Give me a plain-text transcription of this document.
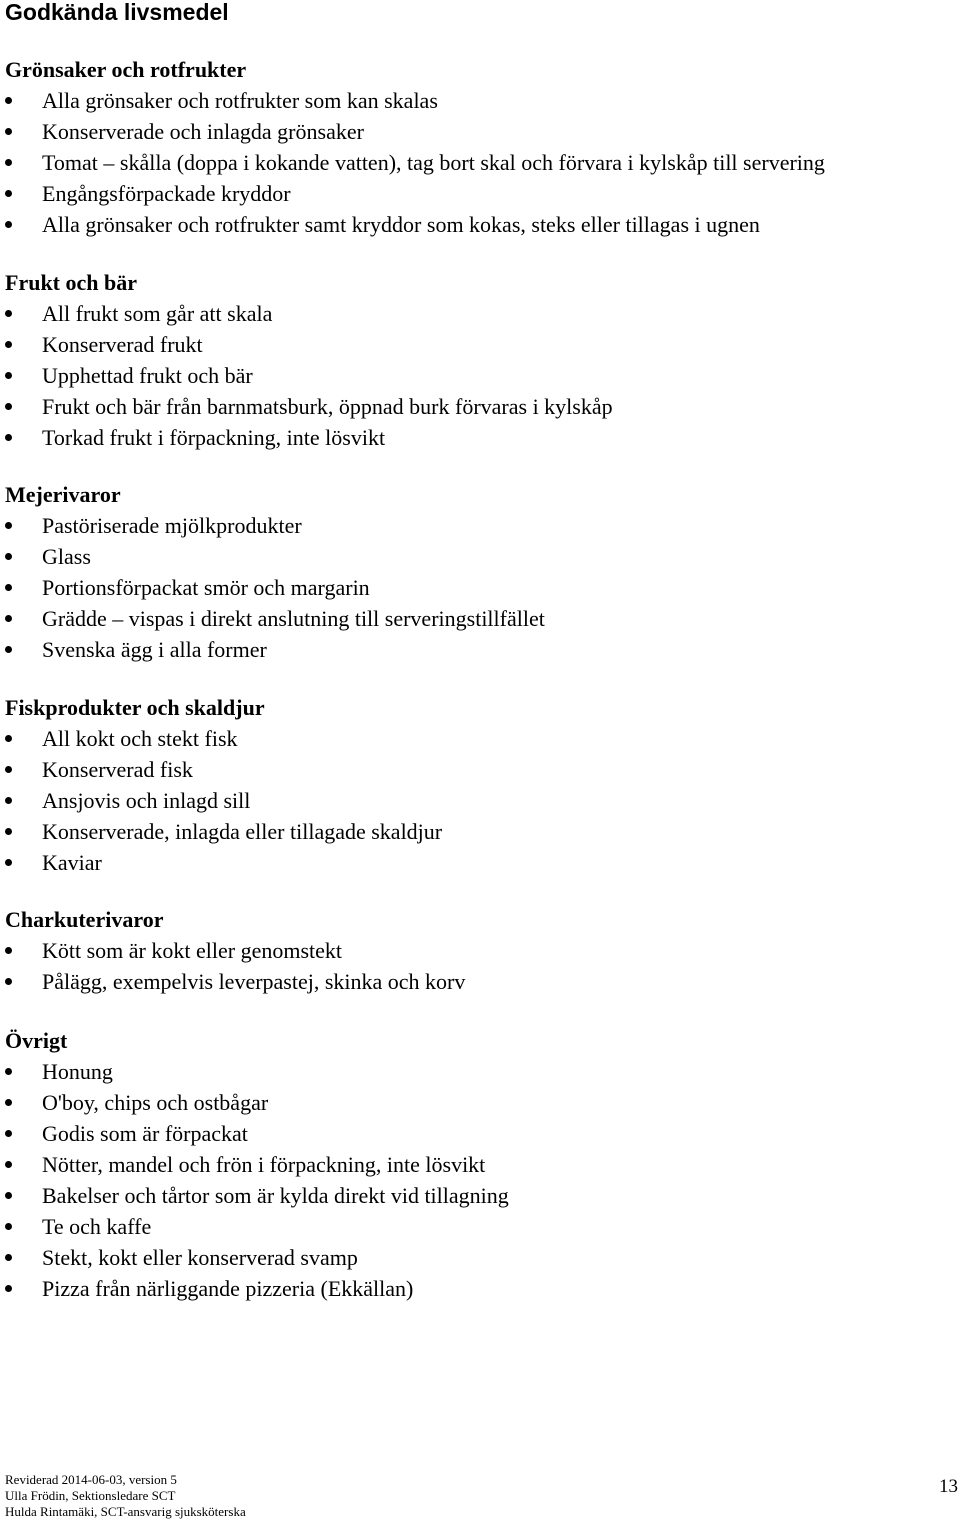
Godkända livsmedel
Grönsaker och rotfrukter
Alla grönsaker och rotfrukter som kan skalas
Konserverade och inlagda grönsaker
Tomat – skålla (doppa i kokande vatten), tag bort skal och förvara i kylskåp till servering
Engångsförpackade kryddor
Alla grönsaker och rotfrukter samt kryddor som kokas, steks eller tillagas i ugnen
Frukt och bär
All frukt som går att skala
Konserverad frukt
Upphettad frukt och bär
Frukt och bär från barnmatsburk, öppnad burk förvaras i kylskåp
Torkad frukt i förpackning, inte lösvikt
Mejerivaror
Pastöriserade mjölkprodukter
Glass
Portionsförpackat smör och margarin
Grädde – vispas i direkt anslutning till serveringstillfället
Svenska ägg i alla former
Fiskprodukter och skaldjur
All kokt och stekt fisk
Konserverad fisk
Ansjovis och inlagd sill
Konserverade, inlagda eller tillagade skaldjur
Kaviar
Charkuterivaror
Kött som är kokt eller genomstekt
Pålägg, exempelvis leverpastej, skinka och korv
Övrigt
Honung
O'boy, chips och ostbågar
Godis som är förpackat
Nötter, mandel och frön i förpackning, inte lösvikt
Bakelser och tårtor som är kylda direkt vid tillagning
Te och kaffe
Stekt, kokt eller konserverad svamp
Pizza från närliggande pizzeria (Ekkällan)
Reviderad 2014-06-03, version 5
Ulla Frödin, Sektionsledare SCT
Hulda Rintamäki, SCT-ansvarig sjuksköterska
13
